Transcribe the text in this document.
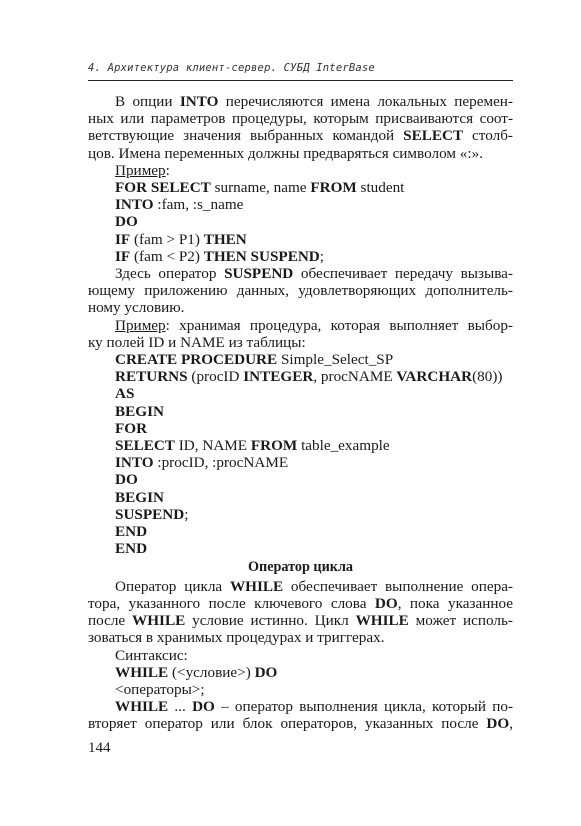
4. Архитектура клиент-сервер. СУБД InterBase

В опции INTO перечисляются имена локальных перемен-

ных или параметров процедуры, которым присваиваются соот-

ветствующие значения выбранных командой SELECT столб-

цов. Имена переменных должны предваряться символом «:».

Пример:

FOR SELECT surname, name FROM student

INTO :fam, :s_name

DO

IF (fam > P1) THEN

IF (fam < P2) THEN SUSPEND;

Здесь оператор SUSPEND обеспечивает передачу вызыва-

ющему приложению данных, удовлетворяющих дополнитель-

ному условию.

Пример: хранимая процедура, которая выполняет выбор-

ку полей ID и NAME из таблицы:

CREATE PROCEDURE Simple_Select_SP

RETURNS (procID INTEGER, procNAME VARCHAR(80))

AS

BEGIN

FOR

SELECT ID, NAME FROM table_example

INTO :procID, :procNAME

DO

BEGIN

SUSPEND;

END

END

Оператор цикла

Оператор цикла WHILE обеспечивает выполнение опера-

тора, указанного после ключевого слова DO, пока указанное

после WHILE условие истинно. Цикл WHILE может исполь-

зоваться в хранимых процедурах и триггерах.

Синтаксис:

WHILE (<условие>) DO

<операторы>;

WHILE ... DO – оператор выполнения цикла, который по-

вторяет оператор или блок операторов, указанных после DO,

144
